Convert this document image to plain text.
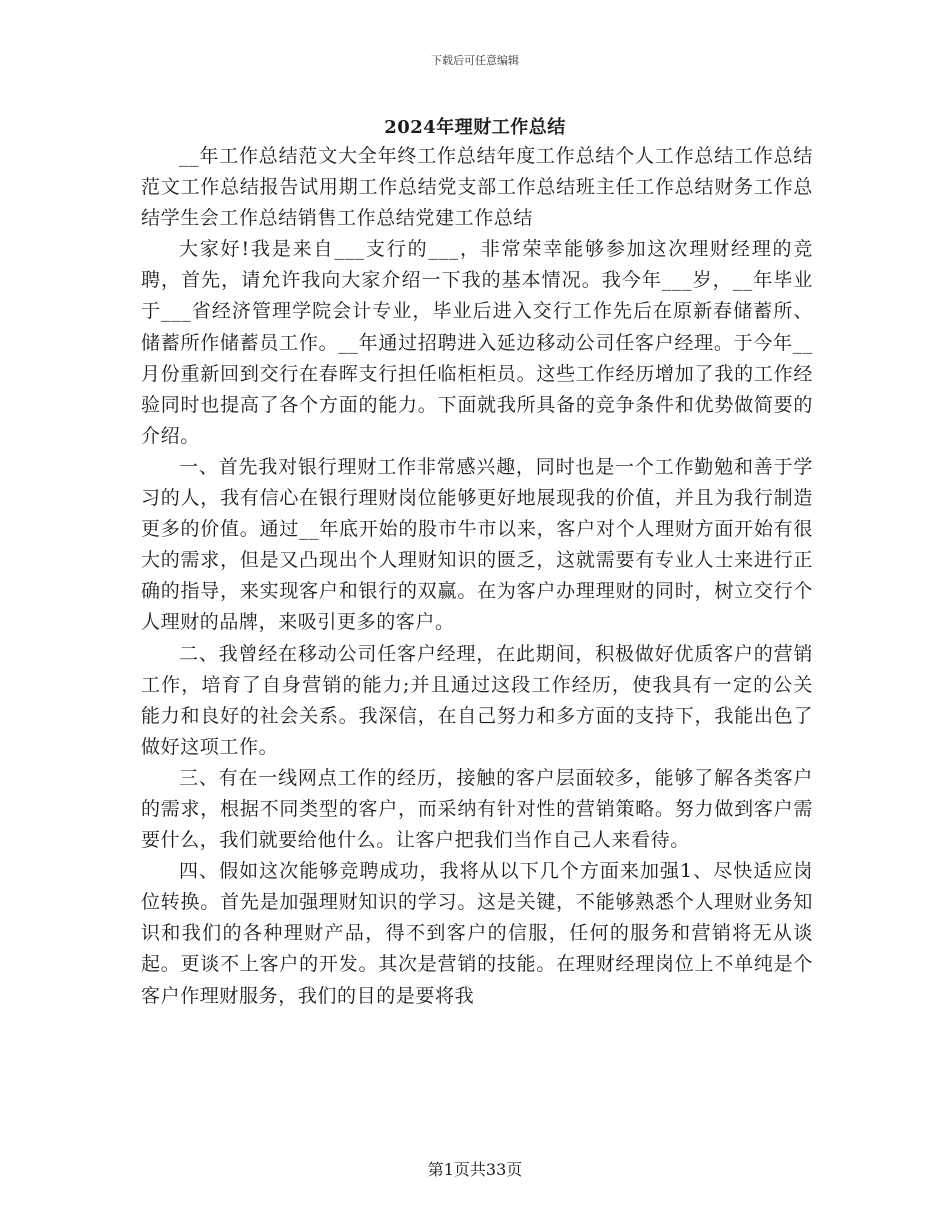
下载后可任意编辑
2024年理财工作总结

__年工作总结范文大全年终工作总结年度工作总结个人工作总结工作总结范文工作总结报告试用期工作总结党支部工作总结班主任工作总结财务工作总结学生会工作总结销售工作总结党建工作总结

大家好!我是来自___支行的___，非常荣幸能够参加这次理财经理的竞聘，首先，请允许我向大家介绍一下我的基本情况。我今年___岁，__年毕业于___省经济管理学院会计专业，毕业后进入交行工作先后在原新春储蓄所、储蓄所作储蓄员工作。__年通过招聘进入延边移动公司任客户经理。于今年__月份重新回到交行在春晖支行担任临柜柜员。这些工作经历增加了我的工作经验同时也提高了各个方面的能力。下面就我所具备的竞争条件和优势做简要的介绍。

一、首先我对银行理财工作非常感兴趣，同时也是一个工作勤勉和善于学习的人，我有信心在银行理财岗位能够更好地展现我的价值，并且为我行制造更多的价值。通过__年底开始的股市牛市以来，客户对个人理财方面开始有很大的需求，但是又凸现出个人理财知识的匮乏，这就需要有专业人士来进行正确的指导，来实现客户和银行的双赢。在为客户办理理财的同时，树立交行个人理财的品牌，来吸引更多的客户。

二、我曾经在移动公司任客户经理，在此期间，积极做好优质客户的营销工作，培育了自身营销的能力;并且通过这段工作经历，使我具有一定的公关能力和良好的社会关系。我深信，在自己努力和多方面的支持下，我能出色了做好这项工作。

三、有在一线网点工作的经历，接触的客户层面较多，能够了解各类客户的需求，根据不同类型的客户，而采纳有针对性的营销策略。努力做到客户需要什么，我们就要给他什么。让客户把我们当作自己人来看待。

四、假如这次能够竞聘成功，我将从以下几个方面来加强1、尽快适应岗位转换。首先是加强理财知识的学习。这是关键，不能够熟悉个人理财业务知识和我们的各种理财产品，得不到客户的信服，任何的服务和营销将无从谈起。更谈不上客户的开发。其次是营销的技能。在理财经理岗位上不单纯是个客户作理财服务，我们的目的是要将我

第1页共33页
